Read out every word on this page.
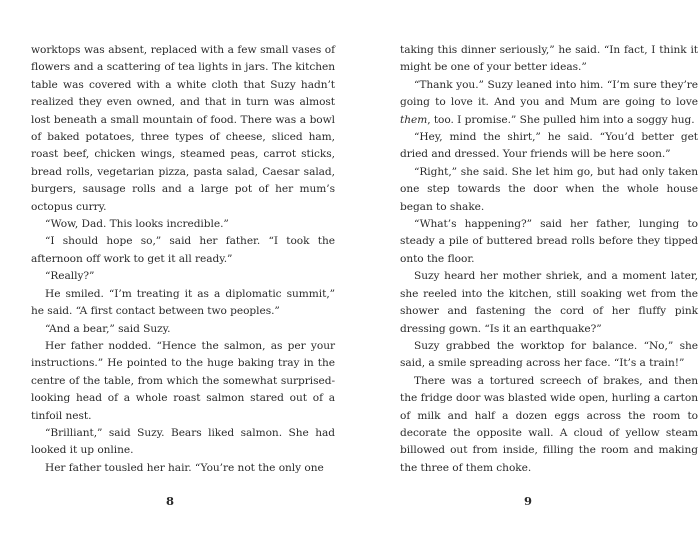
worktops was absent, replaced with a few small vases of flowers and a scattering of tea lights in jars. The kitchen table was covered with a white cloth that Suzy hadn’t realized they even owned, and that in turn was almost lost beneath a small mountain of food. There was a bowl of baked potatoes, three types of cheese, sliced ham, roast beef, chicken wings, steamed peas, carrot sticks, bread rolls, vegetarian pizza, pasta salad, Caesar salad, burgers, sausage rolls and a large pot of her mum’s octopus curry.

“Wow, Dad. This looks incredible.”

“I should hope so,” said her father. “I took the afternoon off work to get it all ready.”

“Really?”

He smiled. “I’m treating it as a diplomatic summit,” he said. “A first contact between two peoples.”

“And a bear,” said Suzy.

Her father nodded. “Hence the salmon, as per your instructions.” He pointed to the huge baking tray in the centre of the table, from which the somewhat surprised-looking head of a whole roast salmon stared out of a tinfoil nest.

“Brilliant,” said Suzy. Bears liked salmon. She had looked it up online.

Her father tousled her hair. “You’re not the only one

8

taking this dinner seriously,” he said. “In fact, I think it might be one of your better ideas.”

“Thank you.” Suzy leaned into him. “I’m sure they’re going to love it. And you and Mum are going to love them, too. I promise.” She pulled him into a soggy hug.

“Hey, mind the shirt,” he said. “You’d better get dried and dressed. Your friends will be here soon.”

“Right,” she said. She let him go, but had only taken one step towards the door when the whole house began to shake.

“What’s happening?” said her father, lunging to steady a pile of buttered bread rolls before they tipped onto the floor.

Suzy heard her mother shriek, and a moment later, she reeled into the kitchen, still soaking wet from the shower and fastening the cord of her fluffy pink dressing gown. “Is it an earthquake?”

Suzy grabbed the worktop for balance. “No,” she said, a smile spreading across her face. “It’s a train!”

There was a tortured screech of brakes, and then the fridge door was blasted wide open, hurling a carton of milk and half a dozen eggs across the room to decorate the opposite wall. A cloud of yellow steam billowed out from inside, filling the room and making the three of them choke.

9
